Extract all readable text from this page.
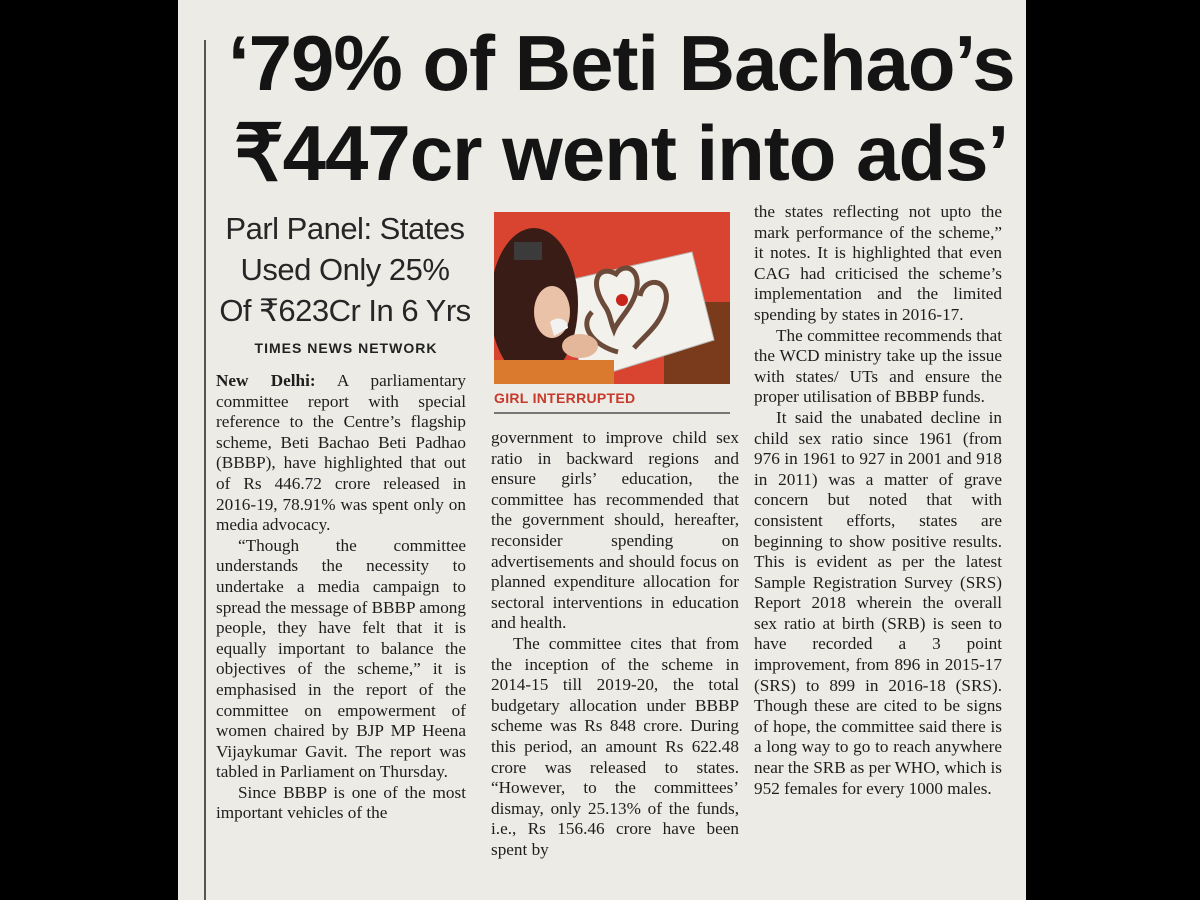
‘79% of Beti Bachao’s
₹447cr went into ads’
Parl Panel: States
Used Only 25%
Of ₹623Cr In 6 Yrs
TIMES NEWS NETWORK

New Delhi: A parliamentary committee report with special reference to the Centre’s flagship scheme, Beti Bachao Beti Padhao (BBBP), have highlighted that out of Rs 446.72 crore released in 2016-19, 78.91% was spent only on media advocacy.

“Though the committee understands the necessity to undertake a media campaign to spread the message of BBBP among people, they have felt that it is equally important to balance the objectives of the scheme,” it is emphasised in the report of the committee on empowerment of women chaired by BJP MP Heena Vijaykumar Gavit. The report was tabled in Parliament on Thursday.

Since BBBP is one of the most important vehicles of the

GIRL INTERRUPTED

government to improve child sex ratio in backward regions and ensure girls’ education, the committee has recommended that the government should, hereafter, reconsider spending on advertisements and should focus on planned expenditure allocation for sectoral interventions in education and health.

The committee cites that from the inception of the scheme in 2014-15 till 2019-20, the total budgetary allocation under BBBP scheme was Rs 848 crore. During this period, an amount Rs 622.48 crore was released to states. “However, to the committees’ dismay, only 25.13% of the funds, i.e., Rs 156.46 crore have been spent by

the states reflecting not upto the mark performance of the scheme,” it notes. It is highlighted that even CAG had criticised the scheme’s implementation and the limited spending by states in 2016-17.

The committee recommends that the WCD ministry take up the issue with states/ UTs and ensure the proper utilisation of BBBP funds.

It said the unabated decline in child sex ratio since 1961 (from 976 in 1961 to 927 in 2001 and 918 in 2011) was a matter of grave concern but noted that with consistent efforts, states are beginning to show positive results. This is evident as per the latest Sample Registration Survey (SRS) Report 2018 wherein the overall sex ratio at birth (SRB) is seen to have recorded a 3 point improvement, from 896 in 2015-17 (SRS) to 899 in 2016-18 (SRS). Though these are cited to be signs of hope, the committee said there is a long way to go to reach anywhere near the SRB as per WHO, which is 952 females for every 1000 males.
